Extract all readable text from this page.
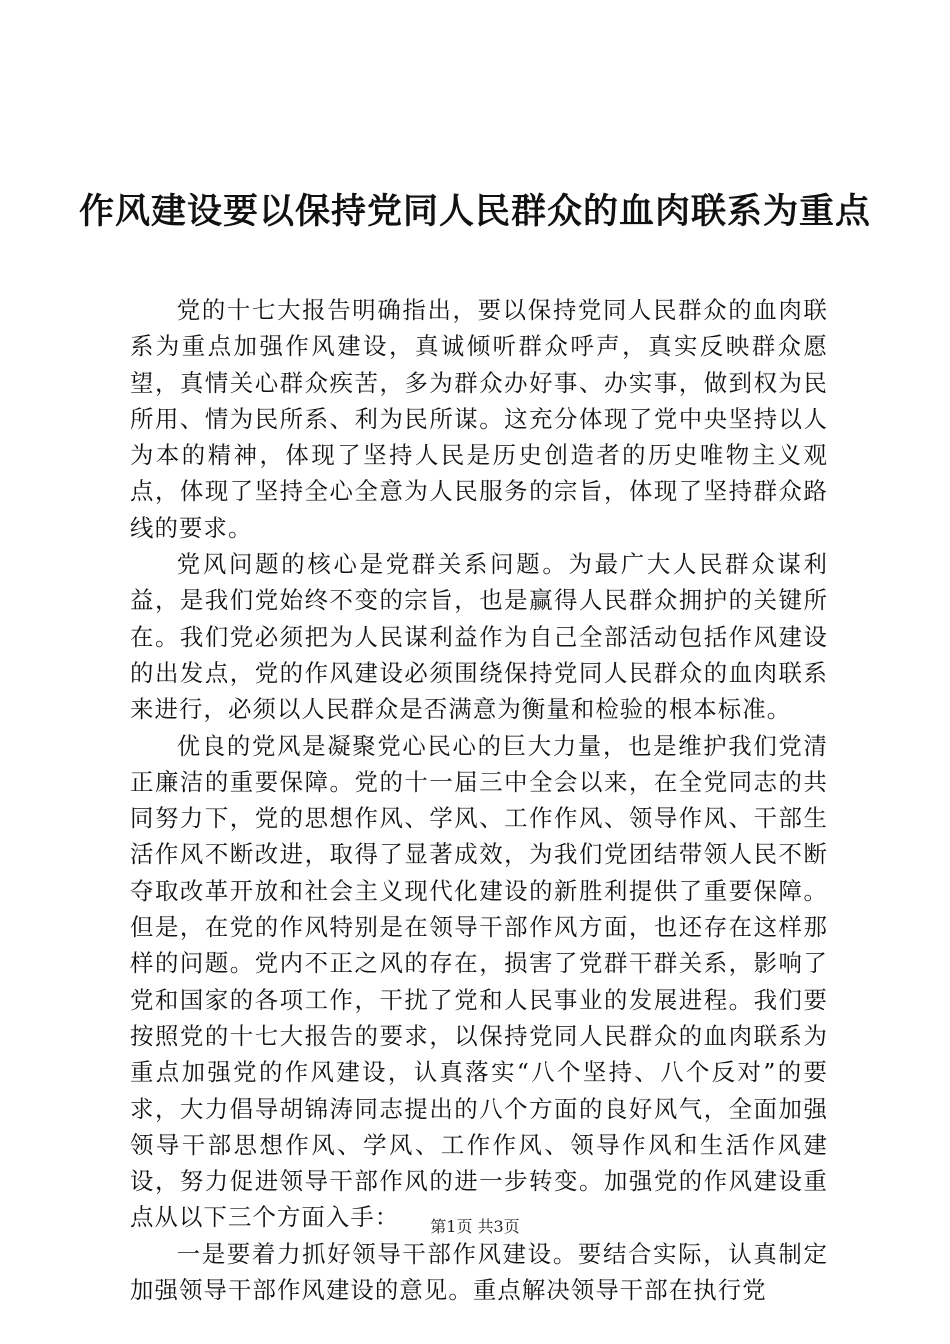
作风建设要以保持党同人民群众的血肉联系为重点

党的十七大报告明确指出，要以保持党同人民群众的血肉联系为重点加强作风建设，真诚倾听群众呼声，真实反映群众愿望，真情关心群众疾苦，多为群众办好事、办实事，做到权为民所用、情为民所系、利为民所谋。这充分体现了党中央坚持以人为本的精神，体现了坚持人民是历史创造者的历史唯物主义观点，体现了坚持全心全意为人民服务的宗旨，体现了坚持群众路线的要求。

党风问题的核心是党群关系问题。为最广大人民群众谋利益，是我们党始终不变的宗旨，也是赢得人民群众拥护的关键所在。我们党必须把为人民谋利益作为自己全部活动包括作风建设的出发点，党的作风建设必须围绕保持党同人民群众的血肉联系来进行，必须以人民群众是否满意为衡量和检验的根本标准。

优良的党风是凝聚党心民心的巨大力量，也是维护我们党清正廉洁的重要保障。党的十一届三中全会以来，在全党同志的共同努力下，党的思想作风、学风、工作作风、领导作风、干部生活作风不断改进，取得了显著成效，为我们党团结带领人民不断夺取改革开放和社会主义现代化建设的新胜利提供了重要保障。但是，在党的作风特别是在领导干部作风方面，也还存在这样那样的问题。党内不正之风的存在，损害了党群干群关系，影响了党和国家的各项工作，干扰了党和人民事业的发展进程。我们要按照党的十七大报告的要求，以保持党同人民群众的血肉联系为重点加强党的作风建设，认真落实“八个坚持、八个反对”的要求，大力倡导胡锦涛同志提出的八个方面的良好风气，全面加强领导干部思想作风、学风、工作作风、领导作风和生活作风建设，努力促进领导干部作风的进一步转变。加强党的作风建设重点从以下三个方面入手：

一是要着力抓好领导干部作风建设。要结合实际，认真制定加强领导干部作风建设的意见。重点解决领导干部在执行党

第1页 共3页
